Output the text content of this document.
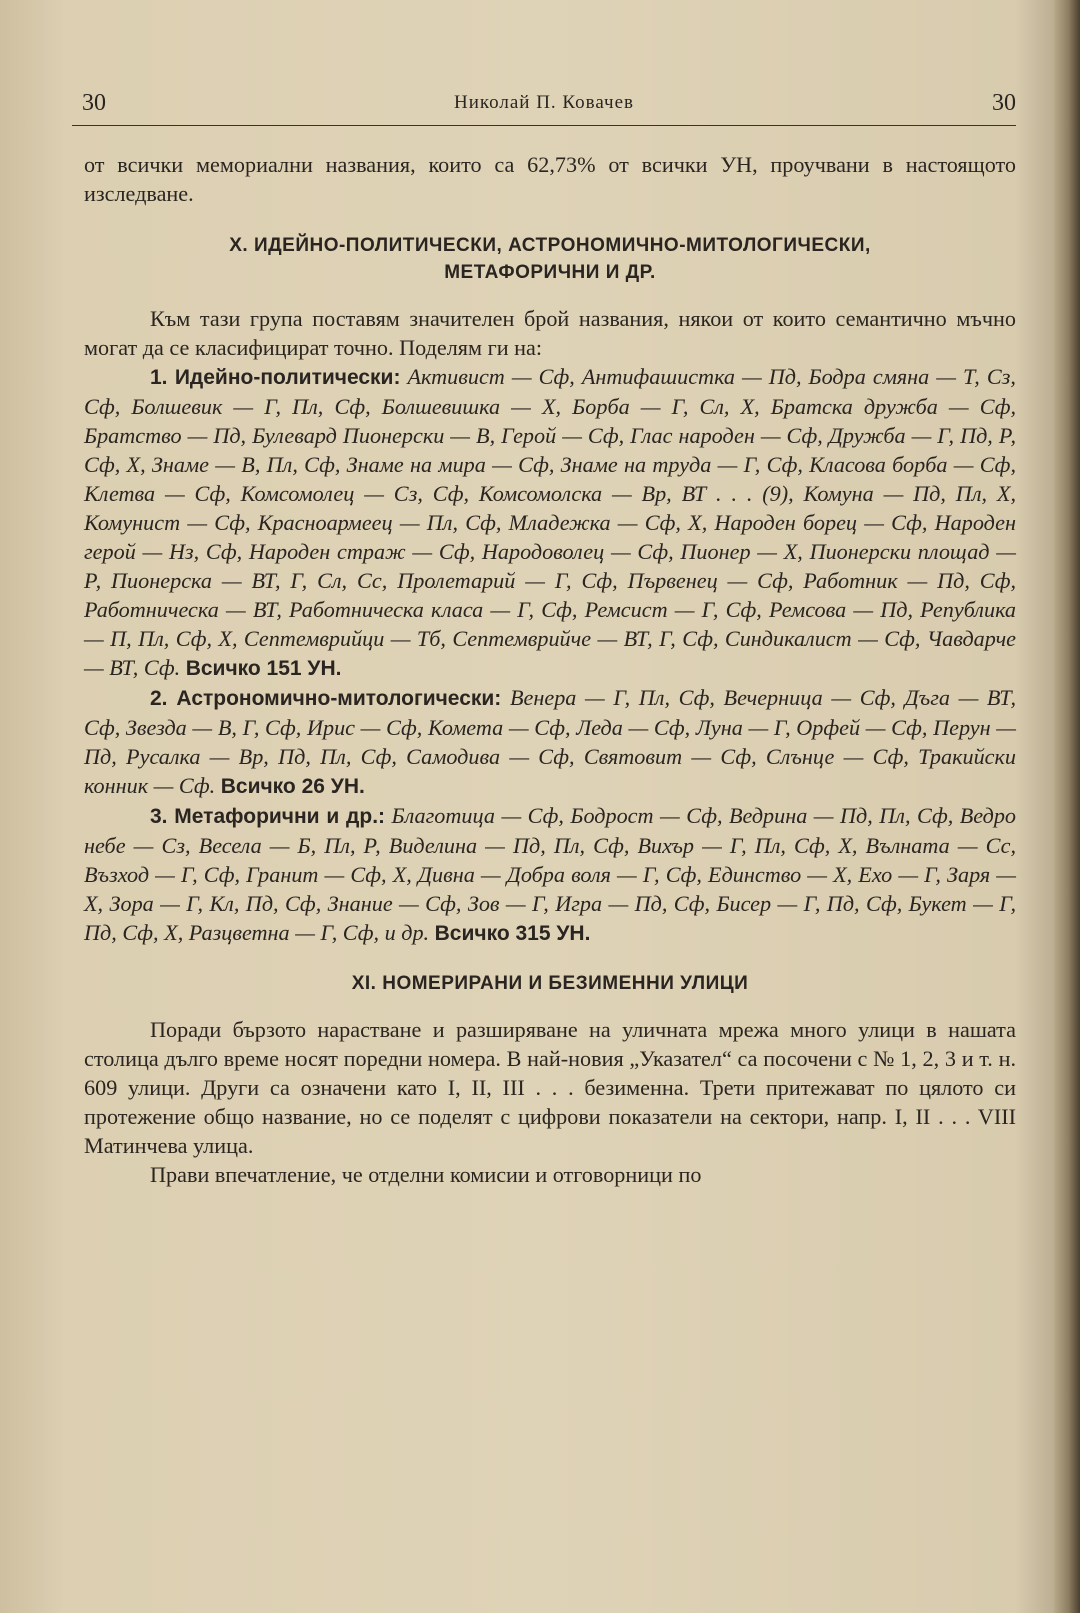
30	Николай П. Ковачев	30

от всички мемориални названия, които са 62,73% от всички УН, проучвани в настоящото изследване.

X. ИДЕЙНО-ПОЛИТИЧЕСКИ, АСТРОНОМИЧНО-МИТОЛОГИЧЕСКИ,
МЕТАФОРИЧНИ И ДР.

Към тази група поставям значителен брой названия, някои от които семантично мъчно могат да се класифицират точно. Поделям ги на:

1. Идейно-политически: Активист — Сф, Антифашистка — Пд, Бодра смяна — Т, Сз, Сф, Болшевик — Г, Пл, Сф, Болшевишка — Х, Борба — Г, Сл, Х, Братска дружба — Сф, Братство — Пд, Булевард Пионерски — В, Герой — Сф, Глас народен — Сф, Дружба — Г, Пд, Р, Сф, Х, Знаме — В, Пл, Сф, Знаме на мира — Сф, Знаме на труда — Г, Сф, Класова борба — Сф, Клетва — Сф, Комсомолец — Сз, Сф, Комсомолска — Вр, ВТ . . . (9), Комуна — Пд, Пл, Х, Комунист — Сф, Красноармеец — Пл, Сф, Младежка — Сф, Х, Народен борец — Сф, Народен герой — Нз, Сф, Народен страж — Сф, Народоволец — Сф, Пионер — Х, Пионерски площад — Р, Пионерска — ВТ, Г, Сл, Сс, Пролетарий — Г, Сф, Първенец — Сф, Работник — Пд, Сф, Работническа — ВТ, Работническа класа — Г, Сф, Ремсист — Г, Сф, Ремсова — Пд, Република — П, Пл, Сф, Х, Септемврийци — Тб, Септемврийче — ВТ, Г, Сф, Синдикалист — Сф, Чавдарче — ВТ, Сф. Всичко 151 УН.

2. Астрономично-митологически: Венера — Г, Пл, Сф, Вечерница — Сф, Дъга — ВТ, Сф, Звезда — В, Г, Сф, Ирис — Сф, Комета — Сф, Леда — Сф, Луна — Г, Орфей — Сф, Перун — Пд, Русалка — Вр, Пд, Пл, Сф, Самодива — Сф, Святовит — Сф, Слънце — Сф, Тракийски конник — Сф. Всичко 26 УН.

3. Метафорични и др.: Благотица — Сф, Бодрост — Сф, Ведрина — Пд, Пл, Сф, Ведро небе — Сз, Весела — Б, Пл, Р, Виделина — Пд, Пл, Сф, Вихър — Г, Пл, Сф, Х, Вълната — Сс, Възход — Г, Сф, Гранит — Сф, Х, Дивна — Добра воля — Г, Сф, Единство — Х, Ехо — Г, Заря — Х, Зора — Г, Кл, Пд, Сф, Знание — Сф, Зов — Г, Игра — Пд, Сф, Бисер — Г, Пд, Сф, Букет — Г, Пд, Сф, Х, Разцветна — Г, Сф, и др. Всичко 315 УН.

XI. НОМЕРИРАНИ И БЕЗИМЕННИ УЛИЦИ

Поради бързото нарастване и разширяване на уличната мрежа много улици в нашата столица дълго време носят поредни номера. В най-новия „Указател“ са посочени с № 1, 2, 3 и т. н. 609 улици. Други са означени като I, II, III . . . безименна. Трети притежават по цялото си протежение общо название, но се поделят с цифрови показатели на сектори, напр. I, II . . . VIII Матинчева улица.

Прави впечатление, че отделни комисии и отговорници по
